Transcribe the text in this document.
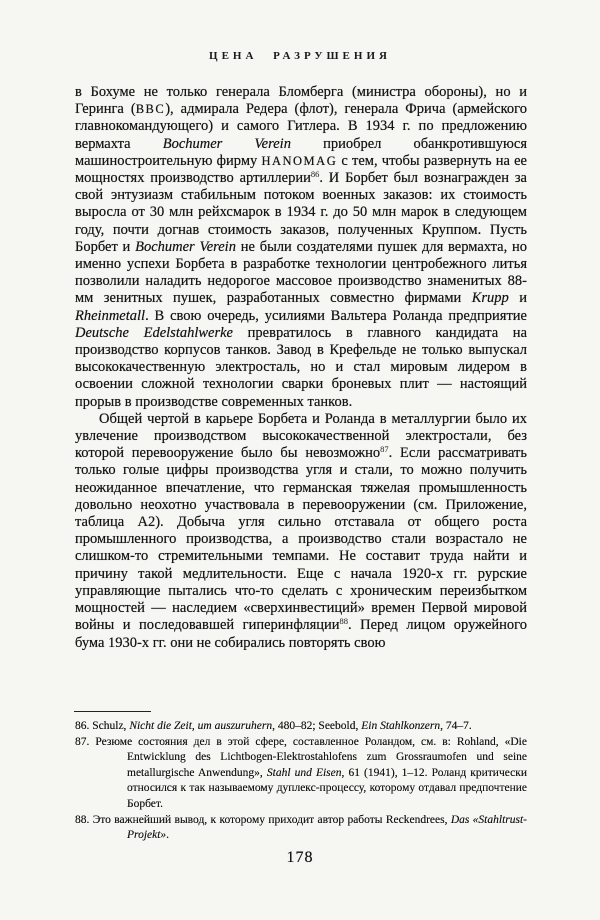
ЦЕНА РАЗРУШЕНИЯ

в Бохуме не только генерала Бломберга (министра обороны), но и Геринга (ВВС), адмирала Редера (флот), генерала Фрича (армейского главнокомандующего) и самого Гитлера. В 1934 г. по предложению вермахта Bochumer Verein приобрел обанкротившуюся машиностроительную фирму HANOMAG с тем, чтобы развернуть на ее мощностях производство артиллерии$^{86}$. И Борбет был вознагражден за свой энтузиазм стабильным потоком военных заказов: их стоимость выросла от 30 млн рейхсмарок в 1934 г. до 50 млн марок в следующем году, почти догнав стоимость заказов, полученных Круппом. Пусть Борбет и Bochumer Verein не были создателями пушек для вермахта, но именно успехи Борбета в разработке технологии центробежного литья позволили наладить недорогое массовое производство знаменитых 88-мм зенитных пушек, разработанных совместно фирмами Krupp и Rheinmetall. В свою очередь, усилиями Вальтера Роланда предприятие Deutsche Edelstahlwerke превратилось в главного кандидата на производство корпусов танков. Завод в Крефельде не только выпускал высококачественную электросталь, но и стал мировым лидером в освоении сложной технологии сварки броневых плит — настоящий прорыв в производстве современных танков.

Общей чертой в карьере Борбета и Роланда в металлургии было их увлечение производством высококачественной электростали, без которой перевооружение было бы невозможно$^{87}$. Если рассматривать только голые цифры производства угля и стали, то можно получить неожиданное впечатление, что германская тяжелая промышленность довольно неохотно участвовала в перевооружении (см. Приложение, таблица А2). Добыча угля сильно отставала от общего роста промышленного производства, а производство стали возрастало не слишком-то стремительными темпами. Не составит труда найти и причину такой медлительности. Еще с начала 1920-х гг. рурские управляющие пытались что-то сделать с хроническим переизбытком мощностей — наследием «сверхинвестиций» времен Первой мировой войны и последовавшей гиперинфляции$^{88}$. Перед лицом оружейного бума 1930-х гг. они не собирались повторять свою

86. Schulz, Nicht die Zeit, um auszuruhern, 480–82; Seebold, Ein Stahlkonzern, 74–7.

87. Резюме состояния дел в этой сфере, составленное Роландом, см. в: Rohland, «Die Entwicklung des Lichtbogen-Elektrostahlofens zum Grossraumofen und seine metallurgische Anwendung», Stahl und Eisen, 61 (1941), 1–12. Роланд критически относился к так называемому дуплекс-процессу, которому отдавал предпочтение Борбет.

88. Это важнейший вывод, к которому приходит автор работы Reckendrees, Das «Stahltrust-Projekt».

178
